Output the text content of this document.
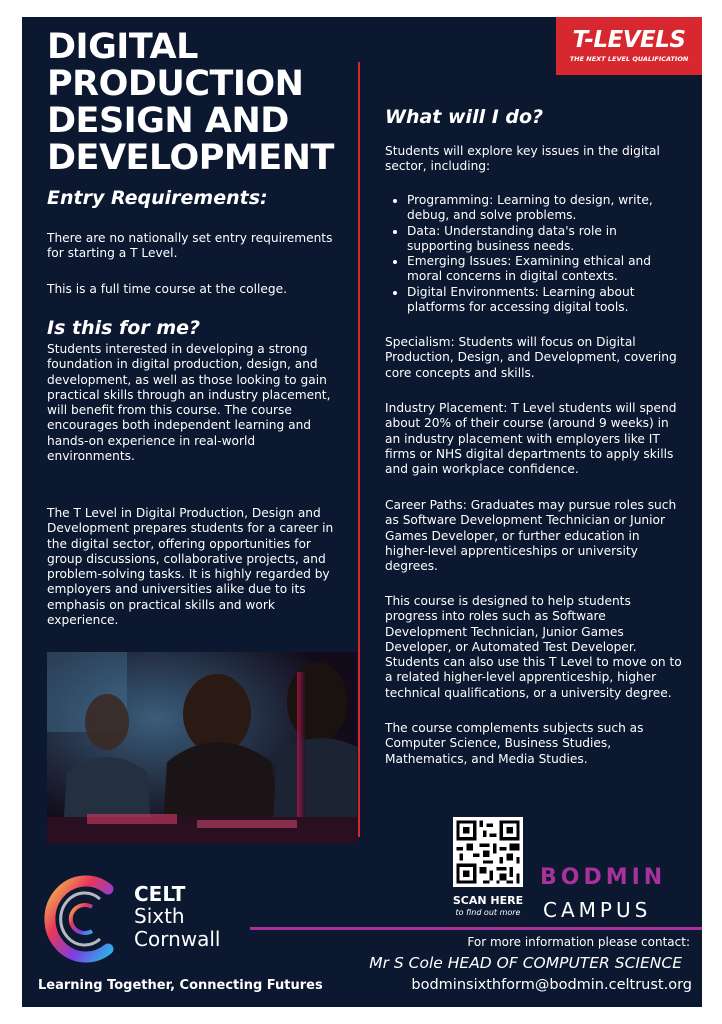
DIGITAL
PRODUCTION
DESIGN AND
DEVELOPMENT
T-LEVELS
THE NEXT LEVEL QUALIFICATION
Entry Requirements:

There are no nationally set entry requirements for starting a T Level.

This is a full time course at the college.

Is this for me?

Students interested in developing a strong foundation in digital production, design, and development, as well as those looking to gain practical skills through an industry placement, will benefit from this course. The course encourages both independent learning and hands-on experience in real-world environments.

The T Level in Digital Production, Design and Development prepares students for a career in the digital sector, offering opportunities for group discussions, collaborative projects, and problem-solving tasks. It is highly regarded by employers and universities alike due to its emphasis on practical skills and work experience.

What will I do?

Students will explore key issues in the digital sector, including:

• Programming: Learning to design, write, debug, and solve problems.
• Data: Understanding data's role in supporting business needs.
• Emerging Issues: Examining ethical and moral concerns in digital contexts.
• Digital Environments: Learning about platforms for accessing digital tools.

Specialism: Students will focus on Digital Production, Design, and Development, covering core concepts and skills.

Industry Placement: T Level students will spend about 20% of their course (around 9 weeks) in an industry placement with employers like IT firms or NHS digital departments to apply skills and gain workplace confidence.

Career Paths: Graduates may pursue roles such as Software Development Technician or Junior Games Developer, or further education in higher-level apprenticeships or university degrees.

This course is designed to help students progress into roles such as Software Development Technician, Junior Games Developer, or Automated Test Developer. Students can also use this T Level to move on to a related higher-level apprenticeship, higher technical qualifications, or a university degree.

The course complements subjects such as Computer Science, Business Studies, Mathematics, and Media Studies.

SCAN HERE
to find out more
BODMIN
CAMPUS
For more information please contact:
Mr S Cole HEAD OF COMPUTER SCIENCE
bodminsixthform@bodmin.celtrust.org
CELT
Sixth
Cornwall
Learning Together, Connecting Futures
